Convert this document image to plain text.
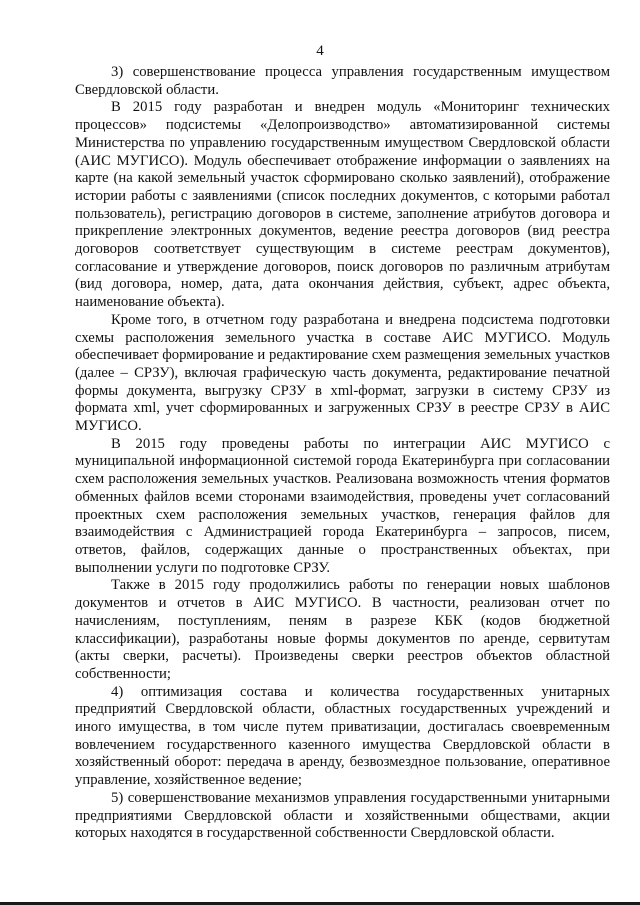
4

3) совершенствование процесса управления государственным имуществом Свердловской области.

В 2015 году разработан и внедрен модуль «Мониторинг технических процессов» подсистемы «Делопроизводство» автоматизированной системы Министерства по управлению государственным имуществом Свердловской области (АИС МУГИСО). Модуль обеспечивает отображение информации о заявлениях на карте (на какой земельный участок сформировано сколько заявлений), отображение истории работы с заявлениями (список последних документов, с которыми работал пользователь), регистрацию договоров в системе, заполнение атрибутов договора и прикрепление электронных документов, ведение реестра договоров (вид реестра договоров соответствует существующим в системе реестрам документов), согласование и утверждение договоров, поиск договоров по различным атрибутам (вид договора, номер, дата, дата окончания действия, субъект, адрес объекта, наименование объекта).

Кроме того, в отчетном году разработана и внедрена подсистема подготовки схемы расположения земельного участка в составе АИС МУГИСО. Модуль обеспечивает формирование и редактирование схем размещения земельных участков (далее – СРЗУ), включая графическую часть документа, редактирование печатной формы документа, выгрузку СРЗУ в xml-формат, загрузки в систему СРЗУ из формата xml, учет сформированных и загруженных СРЗУ в реестре СРЗУ в АИС МУГИСО.

В 2015 году проведены работы по интеграции АИС МУГИСО с муниципальной информационной системой города Екатеринбурга при согласовании схем расположения земельных участков. Реализована возможность чтения форматов обменных файлов всеми сторонами взаимодействия, проведены учет согласований проектных схем расположения земельных участков, генерация файлов для взаимодействия с Администрацией города Екатеринбурга – запросов, писем, ответов, файлов, содержащих данные о пространственных объектах, при выполнении услуги по подготовке СРЗУ.

Также в 2015 году продолжились работы по генерации новых шаблонов документов и отчетов в АИС МУГИСО. В частности, реализован отчет по начислениям, поступлениям, пеням в разрезе КБК (кодов бюджетной классификации), разработаны новые формы документов по аренде, сервитутам (акты сверки, расчеты). Произведены сверки реестров объектов областной собственности;

4) оптимизация состава и количества государственных унитарных предприятий Свердловской области, областных государственных учреждений и иного имущества, в том числе путем приватизации, достигалась своевременным вовлечением государственного казенного имущества Свердловской области в хозяйственный оборот: передача в аренду, безвозмездное пользование, оперативное управление, хозяйственное ведение;

5) совершенствование механизмов управления государственными унитарными предприятиями Свердловской области и хозяйственными обществами, акции которых находятся в государственной собственности Свердловской области.
